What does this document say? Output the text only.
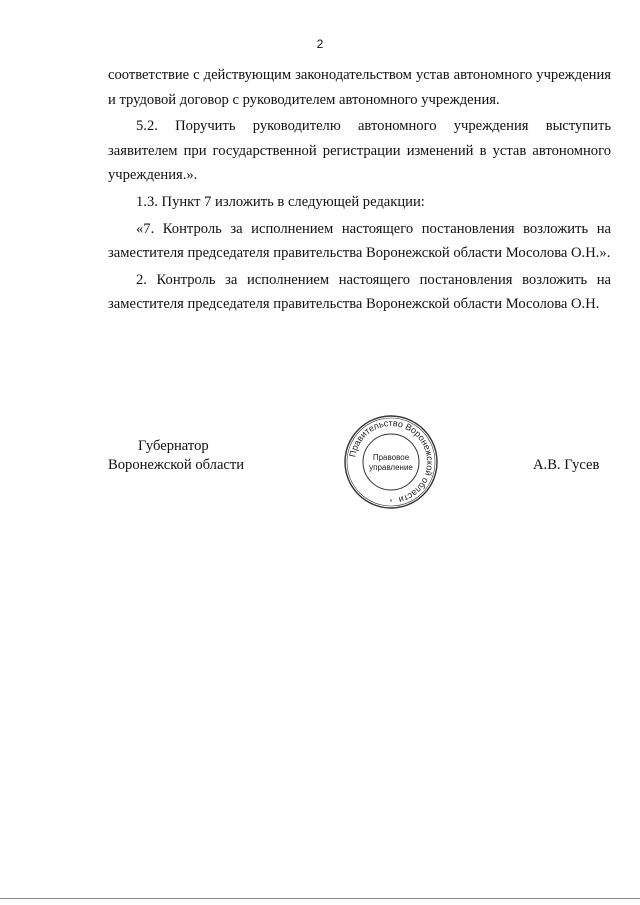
2

соответствие с действующим законодательством устав автономного учреждения и трудовой договор с руководителем автономного учреждения.

5.2. Поручить руководителю автономного учреждения выступить заявителем при государственной регистрации изменений в устав автономного учреждения.».

1.3. Пункт 7 изложить в следующей редакции:

«7. Контроль за исполнением настоящего постановления возложить на заместителя председателя правительства Воронежской области Мосолова О.Н.».

2. Контроль за исполнением настоящего постановления возложить на заместителя председателя правительства Воронежской области Мосолова О.Н.

Губернатор
Воронежской области
Правительство Воронежской области
Правовое
управление
*
А.В. Гусев
